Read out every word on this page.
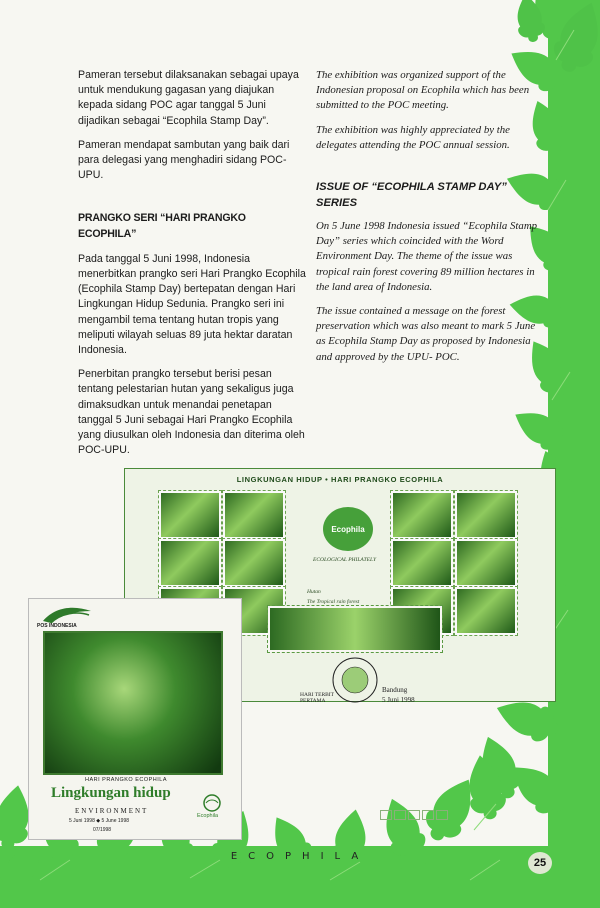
Pameran tersebut dilaksanakan sebagai upaya untuk mendukung gagasan yang diajukan kepada sidang POC agar tanggal 5 Juni dijadikan sebagai “Ecophila Stamp Day”.

Pameran mendapat sambutan yang baik dari para delegasi yang menghadiri sidang POC-UPU.

PRANGKO SERI “HARI PRANGKO ECOPHILA”

Pada tanggal 5 Juni 1998, Indonesia menerbitkan prangko seri Hari Prangko Ecophila (Ecophila Stamp Day) bertepatan dengan Hari Lingkungan Hidup Sedunia. Prangko seri ini mengambil tema tentang hutan tropis yang meliputi wilayah seluas 89 juta hektar daratan Indonesia.

Penerbitan prangko tersebut berisi pesan tentang pelestarian hutan yang sekaligus juga dimaksudkan untuk menandai penetapan tanggal 5 Juni sebagai Hari Prangko Ecophila yang diusulkan oleh Indonesia dan diterima oleh POC-UPU.

The exhibition was organized support of the Indonesian proposal on Ecophila which has been submitted to the POC meeting.

The exhibition was highly appreciated by the delegates attending the POC annual session.

ISSUE OF “ECOPHILA STAMP DAY” SERIES

On 5 June 1998 Indonesia issued “Ecophila Stamp Day” series which coincided with the Word Environment Day. The theme of the issue was tropical rain forest covering 89 million hectares in the land area of Indonesia.

The issue contained a message on the forest preservation which was also meant to mark 5 June as Ecophila Stamp Day as proposed by Indonesia and approved by the UPU- POC.

LINGKUNGAN HIDUP • HARI PRANGKO ECOPHILA
Ecophila
ECOLOGICAL PHILATELY
Hutan
The Tropical rain forest
HARI TERBIT PERTAMA
Bandung
5 Juni 1998
POS INDONESIA
HARI PRANGKO ECOPHILA
Lingkungan hidup
ENVIRONMENT
5 Juni 1998 ◆ 5 June 1998
07/1998
Ecophila
ECOPHILA
25
